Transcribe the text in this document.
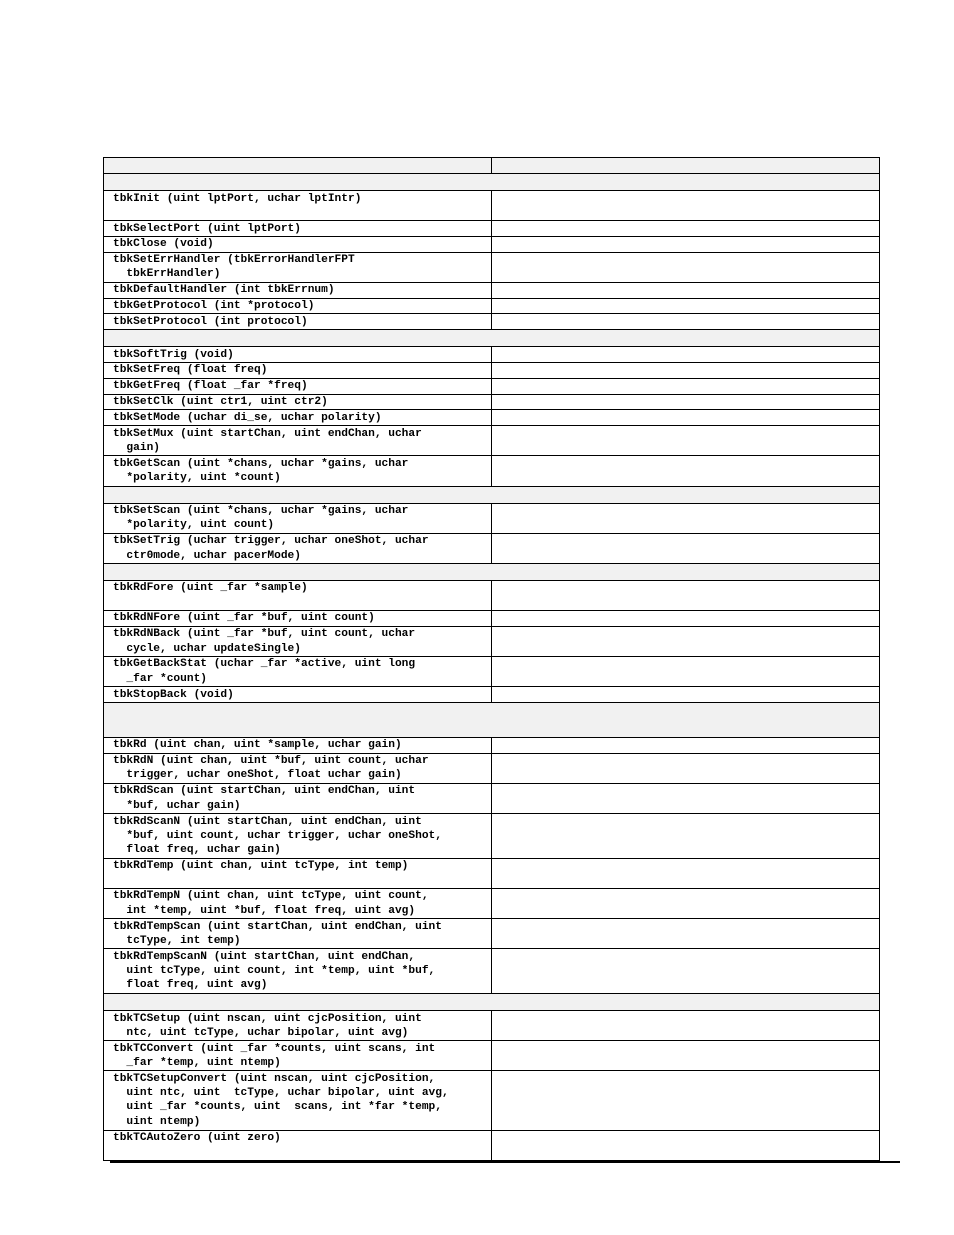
tbkInit (uint lptPort, uchar lptIntr)	
tbkSelectPort (uint lptPort)	
tbkClose (void)	
tbkSetErrHandler (tbkErrorHandlerFPT
tbkErrHandler)	
tbkDefaultHandler (int tbkErrnum)	
tbkGetProtocol (int *protocol)	
tbkSetProtocol (int protocol)	

tbkSoftTrig (void)	
tbkSetFreq (float freq)	
tbkGetFreq (float _far *freq)	
tbkSetClk (uint ctr1, uint ctr2)	
tbkSetMode (uchar di_se, uchar polarity)	
tbkSetMux (uint startChan, uint endChan, uchar
gain)	
tbkGetScan (uint *chans, uchar *gains, uchar
*polarity, uint *count)	

tbkSetScan (uint *chans, uchar *gains, uchar
*polarity, uint count)	
tbkSetTrig (uchar trigger, uchar oneShot, uchar
ctr0mode, uchar pacerMode)	

tbkRdFore (uint _far *sample)	
tbkRdNFore (uint _far *buf, uint count)	
tbkRdNBack (uint _far *buf, uint count, uchar
cycle, uchar updateSingle)	
tbkGetBackStat (uchar _far *active, uint long
_far *count)	
tbkStopBack (void)	

tbkRd (uint chan, uint *sample, uchar gain)	
tbkRdN (uint chan, uint *buf, uint count, uchar
trigger, uchar oneShot, float uchar gain)	
tbkRdScan (uint startChan, uint endChan, uint
*buf, uchar gain)	
tbkRdScanN (uint startChan, uint endChan, uint
*buf, uint count, uchar trigger, uchar oneShot,
float freq, uchar gain)	
tbkRdTemp (uint chan, uint tcType, int temp)	
tbkRdTempN (uint chan, uint tcType, uint count,
int *temp, uint *buf, float freq, uint avg)	
tbkRdTempScan (uint startChan, uint endChan, uint
tcType, int temp)	
tbkRdTempScanN (uint startChan, uint endChan,
uint tcType, uint count, int *temp, uint *buf,
float freq, uint avg)	

tbkTCSetup (uint nscan, uint cjcPosition, uint
ntc, uint tcType, uchar bipolar, uint avg)	
tbkTCConvert (uint _far *counts, uint scans, int
_far *temp, uint ntemp)	
tbkTCSetupConvert (uint nscan, uint cjcPosition,
uint ntc, uint  tcType, uchar bipolar, uint avg,
uint _far *counts, uint  scans, int *far *temp,
uint ntemp)	
tbkTCAutoZero (uint zero)	
